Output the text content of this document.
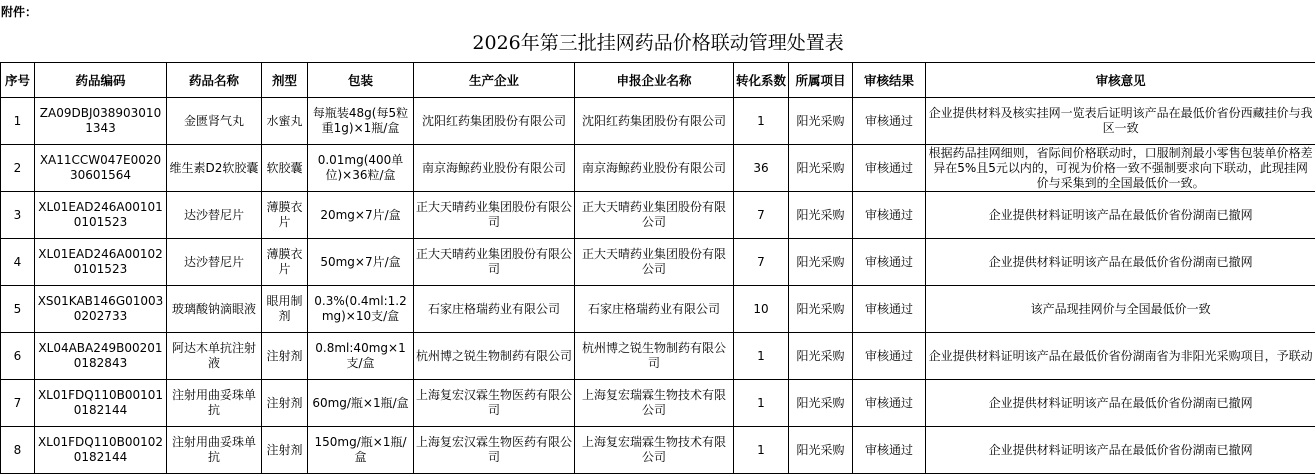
附件：
2026年第三批挂网药品价格联动管理处置表										
序号	药品编码	药品名称	剂型	包装	生产企业	申报企业名称	转化系数	所属项目	审核结果	审核意见
1	ZA09DBJ0389030101343	金匮肾气丸	水蜜丸	每瓶装48g(每5粒重1g)×1瓶/盒	沈阳红药集团股份有限公司	沈阳红药集团股份有限公司	1	阳光采购	审核通过	企业提供材料及核实挂网一览表后证明该产品在最低价省份西藏挂价与我区一致
2	XA11CCW047E002030601564	维生素D2软胶囊	软胶囊	0.01mg(400单位)×36粒/盒	南京海鲸药业股份有限公司	南京海鲸药业股份有限公司	36	阳光采购	审核通过	根据药品挂网细则，省际间价格联动时，口服制剂最小零售包装单价格差异在5%且5元以内的，可视为价格一致不强制要求向下联动，此现挂网价与采集到的全国最低价一致。
3	XL01EAD246A001010101523	达沙替尼片	薄膜衣片	20mg×7片/盒	正大天晴药业集团股份有限公司	正大天晴药业集团股份有限公司	7	阳光采购	审核通过	企业提供材料证明该产品在最低价省份湖南已撤网
4	XL01EAD246A001020101523	达沙替尼片	薄膜衣片	50mg×7片/盒	正大天晴药业集团股份有限公司	正大天晴药业集团股份有限公司	7	阳光采购	审核通过	企业提供材料证明该产品在最低价省份湖南已撤网
5	XS01KAB146G010030202733	玻璃酸钠滴眼液	眼用制剂	0.3%(0.4ml:1.2mg)×10支/盒	石家庄格瑞药业有限公司	石家庄格瑞药业有限公司	10	阳光采购	审核通过	该产品现挂网价与全国最低价一致
6	XL04ABA249B002010182843	阿达木单抗注射液	注射剂	0.8ml:40mg×1支/盒	杭州博之锐生物制药有限公司	杭州博之锐生物制药有限公司	1	阳光采购	审核通过	企业提供材料证明该产品在最低价省份湖南省为非阳光采购项目，予联动
7	XL01FDQ110B001010182144	注射用曲妥珠单抗	注射剂	60mg/瓶×1瓶/盒	上海复宏汉霖生物医药有限公司	上海复宏瑞霖生物技术有限公司	1	阳光采购	审核通过	企业提供材料证明该产品在最低价省份湖南已撤网
8	XL01FDQ110B001020182144	注射用曲妥珠单抗	注射剂	150mg/瓶×1瓶/盒	上海复宏汉霖生物医药有限公司	上海复宏瑞霖生物技术有限公司	1	阳光采购	审核通过	企业提供材料证明该产品在最低价省份湖南已撤网
